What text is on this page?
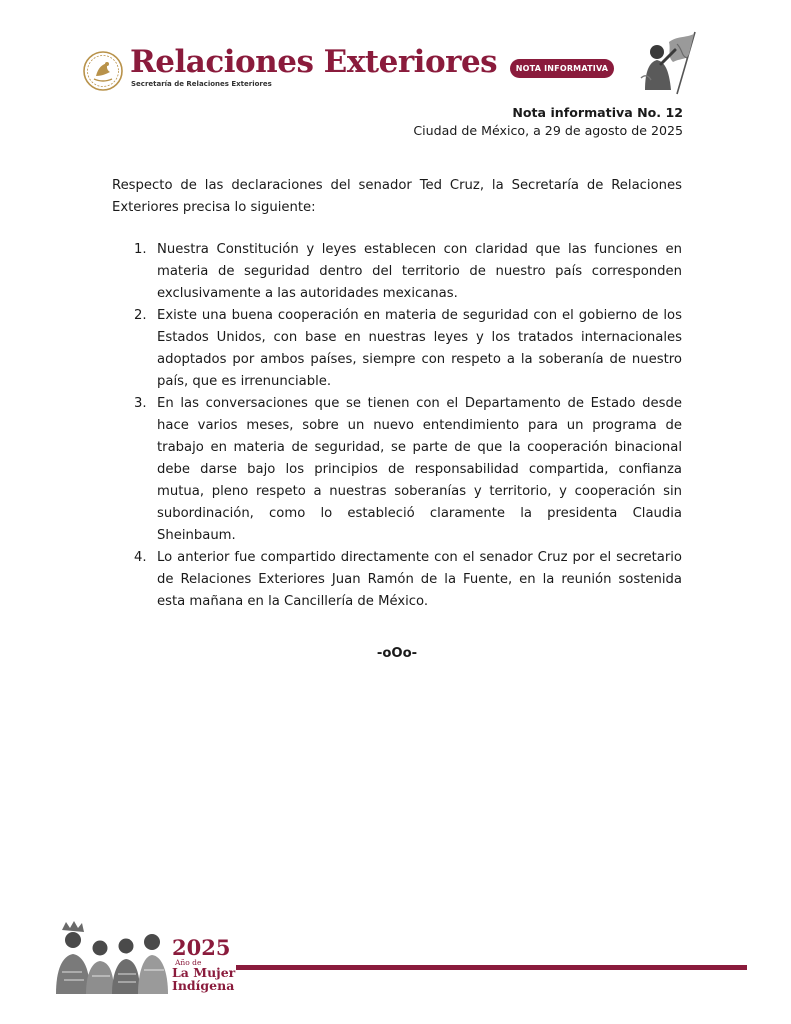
Relaciones Exteriores
Secretaría de Relaciones Exteriores
NOTA INFORMATIVA
Nota informativa No. 12
Ciudad de México, a 29 de agosto de 2025

Respecto de las declaraciones del senador Ted Cruz, la Secretaría de Relaciones Exteriores precisa lo siguiente:

1. Nuestra Constitución y leyes establecen con claridad que las funciones en materia de seguridad dentro del territorio de nuestro país corresponden exclusivamente a las autoridades mexicanas.
2. Existe una buena cooperación en materia de seguridad con el gobierno de los Estados Unidos, con base en nuestras leyes y los tratados internacionales adoptados por ambos países, siempre con respeto a la soberanía de nuestro país, que es irrenunciable.
3. En las conversaciones que se tienen con el Departamento de Estado desde hace varios meses, sobre un nuevo entendimiento para un programa de trabajo en materia de seguridad, se parte de que la cooperación binacional debe darse bajo los principios de responsabilidad compartida, confianza mutua, pleno respeto a nuestras soberanías y territorio, y cooperación sin subordinación, como lo estableció claramente la presidenta Claudia Sheinbaum.
4. Lo anterior fue compartido directamente con el senador Cruz por el secretario de Relaciones Exteriores Juan Ramón de la Fuente, en la reunión sostenida esta mañana en la Cancillería de México.
-oOo-
2025
Año de
La Mujer
Indígena
